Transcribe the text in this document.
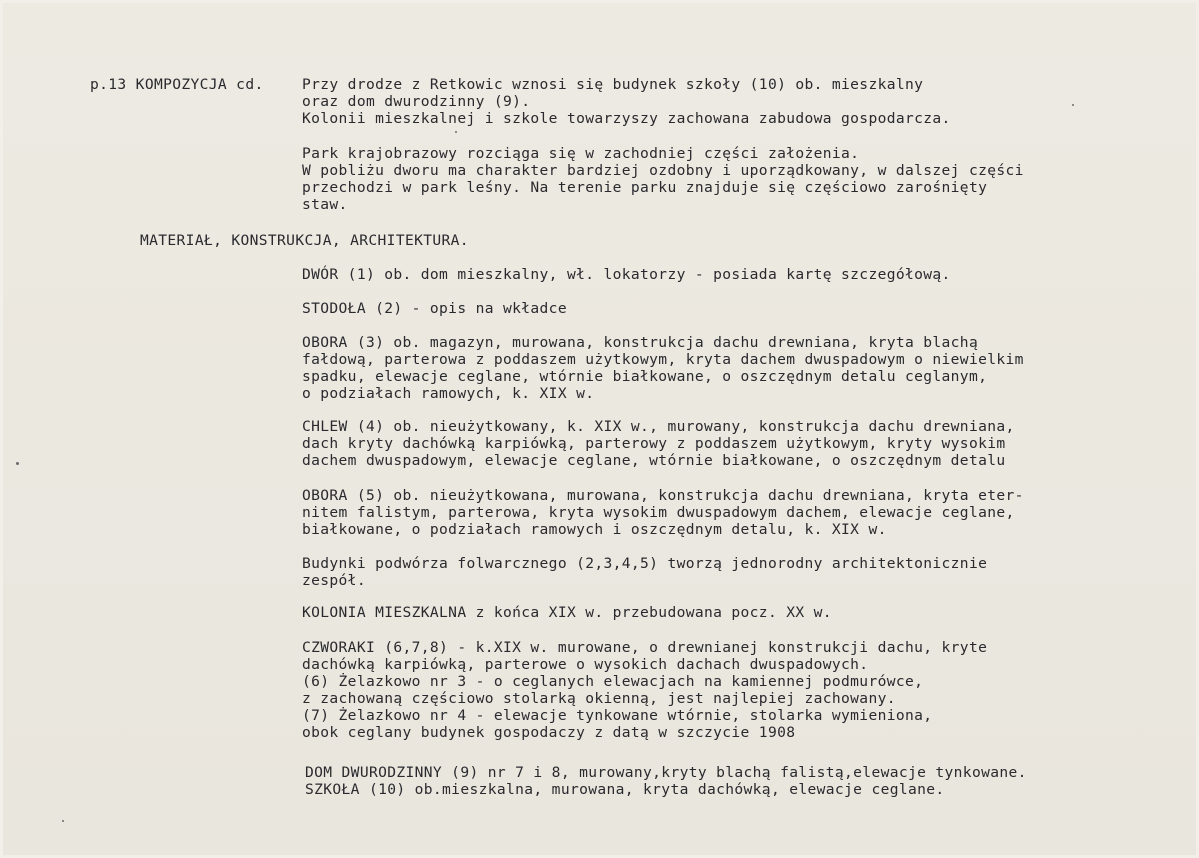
p.13 KOMPOZYCJA cd.	Przy drodze z Retkowic wznosi się budynek szkoły (10) ob. mieszkalny
oraz dom dwurodzinny (9).
Kolonii mieszkalnej i szkole towarzyszy zachowana zabudowa gospodarcza.
Park krajobrazowy rozciąga się w zachodniej części założenia.
W pobliżu dworu ma charakter bardziej ozdobny i uporządkowany, w dalszej części
przechodzi w park leśny. Na terenie parku znajduje się częściowo zarośnięty
staw.
MATERIAŁ, KONSTRUKCJA, ARCHITEKTURA.
DWÓR (1) ob. dom mieszkalny, wł. lokatorzy - posiada kartę szczegółową.
STODOŁA (2) - opis na wkładce
OBORA (3) ob. magazyn, murowana, konstrukcja dachu drewniana, kryta blachą
fałdową, parterowa z poddaszem użytkowym, kryta dachem dwuspadowym o niewielkim
spadku, elewacje ceglane, wtórnie białkowane, o oszczędnym detalu ceglanym,
o podziałach ramowych, k. XIX w.
CHLEW (4) ob. nieużytkowany, k. XIX w., murowany, konstrukcja dachu drewniana,
dach kryty dachówką karpiówką, parterowy z poddaszem użytkowym, kryty wysokim
dachem dwuspadowym, elewacje ceglane, wtórnie białkowane, o oszczędnym detalu
OBORA (5) ob. nieużytkowana, murowana, konstrukcja dachu drewniana, kryta eter-
nitem falistym, parterowa, kryta wysokim dwuspadowym dachem, elewacje ceglane,
białkowane, o podziałach ramowych i oszczędnym detalu, k. XIX w.
Budynki podwórza folwarcznego (2,3,4,5) tworzą jednorodny architektonicznie
zespół.
KOLONIA MIESZKALNA z końca XIX w. przebudowana pocz. XX w.
CZWORAKI (6,7,8) - k.XIX w. murowane, o drewnianej konstrukcji dachu, kryte
dachówką karpiówką, parterowe o wysokich dachach dwuspadowych.
(6) Żelazkowo nr 3 - o ceglanych elewacjach na kamiennej podmurówce,
z zachowaną częściowo stolarką okienną, jest najlepiej zachowany.
(7) Żelazkowo nr 4 - elewacje tynkowane wtórnie, stolarka wymieniona,
obok ceglany budynek gospodaczy z datą w szczycie 1908
DOM DWURODZINNY (9) nr 7 i 8, murowany,kryty blachą falistą,elewacje tynkowane.
SZKOŁA (10) ob.mieszkalna, murowana, kryta dachówką, elewacje ceglane.
